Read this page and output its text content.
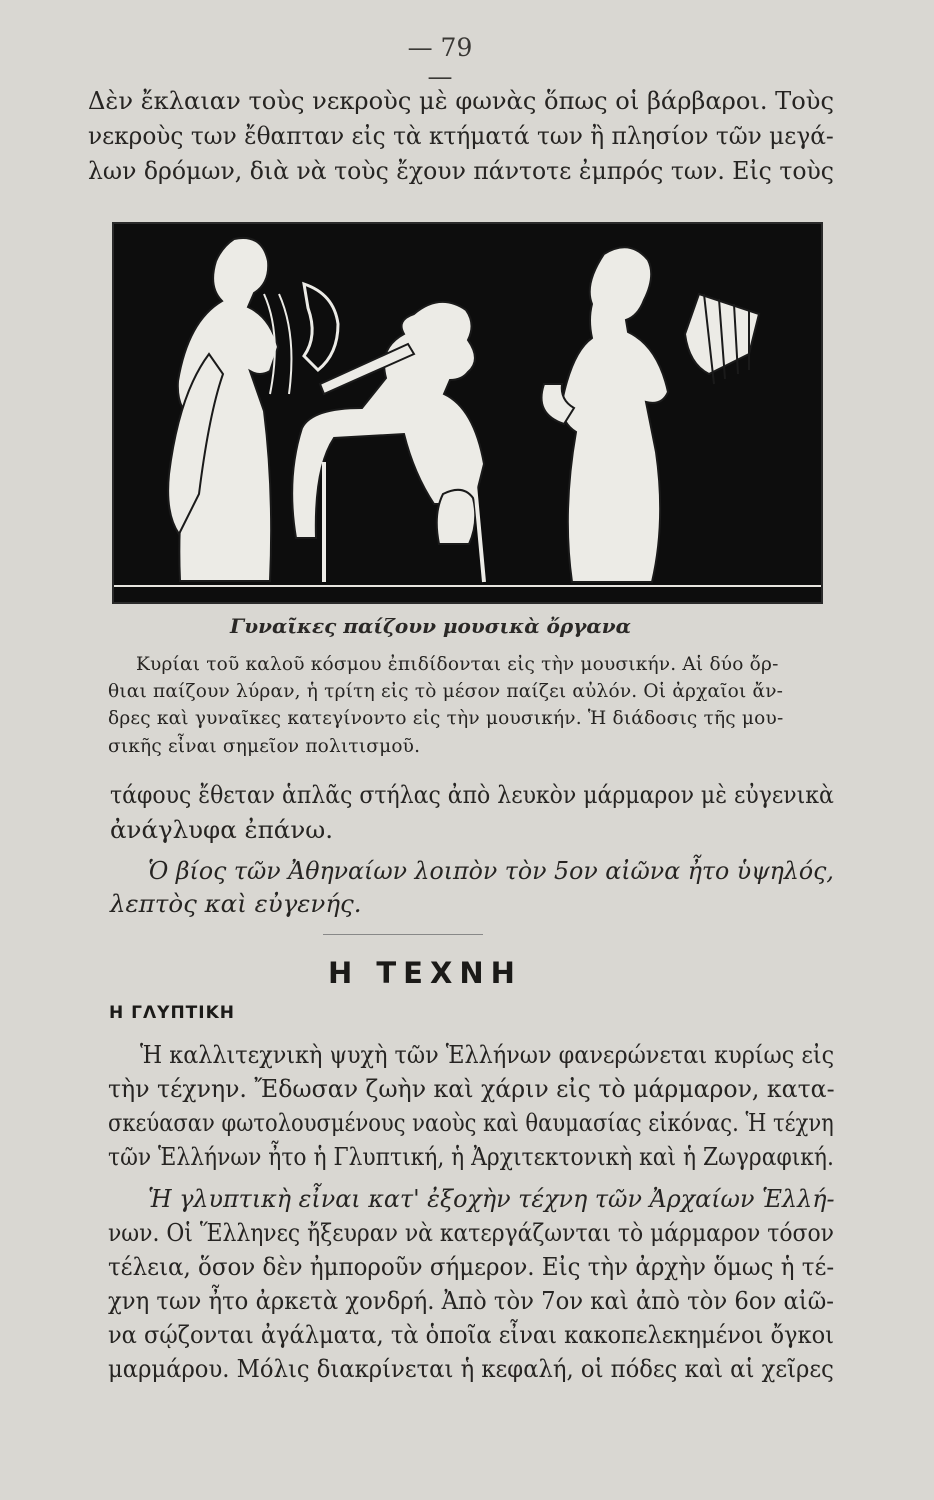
— 79 —
Δὲν ἔκλαιαν τοὺς νεκροὺς μὲ φωνὰς ὅπως οἱ βάρβαροι. Τοὺς
νεκροὺς των ἔθαπταν εἰς τὰ κτήματά των ἢ πλησίον τῶν μεγά-
λων δρόμων, διὰ νὰ τοὺς ἔχουν πάντοτε ἐμπρός των. Εἰς τοὺς
Γυναῖκες παίζουν μουσικὰ ὄργανα
Κυρίαι τοῦ καλοῦ κόσμου ἐπιδίδονται εἰς τὴν μουσικήν. Αἱ δύο ὄρ-
θιαι παίζουν λύραν, ἡ τρίτη εἰς τὸ μέσον παίζει αὐλόν. Οἱ ἀρχαῖοι ἄν-
δρες καὶ γυναῖκες κατεγίνοντο εἰς τὴν μουσικήν. Ἡ διάδοσις τῆς μου-
σικῆς εἶναι σημεῖον πολιτισμοῦ.
τάφους ἔθεταν ἁπλᾶς στήλας ἀπὸ λευκὸν μάρμαρον μὲ εὐγενικὰ
ἀνάγλυφα ἐπάνω.
Ὁ βίος τῶν Ἀθηναίων λοιπὸν τὸν 5ον αἰῶνα ἦτο ὑψηλός,
λεπτὸς καὶ εὐγενής.
Η ΤΕΧΝΗ
Η ΓΛΥΠΤΙΚΗ
Ἡ καλλιτεχνικὴ ψυχὴ τῶν Ἑλλήνων φανερώνεται κυρίως εἰς
τὴν τέχνην. Ἔδωσαν ζωὴν καὶ χάριν εἰς τὸ μάρμαρον, κατα-
σκεύασαν φωτολουσμένους ναοὺς καὶ θαυμασίας εἰκόνας. Ἡ τέχνη
τῶν Ἑλλήνων ἦτο ἡ Γλυπτική, ἡ Ἀρχιτεκτονικὴ καὶ ἡ Ζωγραφική.
Ἡ γλυπτικὴ εἶναι κατ' ἐξοχὴν τέχνη τῶν Ἀρχαίων Ἑλλή-
νων. Οἱ Ἕλληνες ἤξευραν νὰ κατεργάζωνται τὸ μάρμαρον τόσον
τέλεια, ὅσον δὲν ἠμποροῦν σήμερον. Εἰς τὴν ἀρχὴν ὅμως ἡ τέ-
χνη των ἦτο ἀρκετὰ χονδρή. Ἀπὸ τὸν 7ον καὶ ἀπὸ τὸν 6ον αἰῶ-
να σῴζονται ἀγάλματα, τὰ ὁποῖα εἶναι κακοπελεκημένοι ὄγκοι
μαρμάρου. Μόλις διακρίνεται ἡ κεφαλή, οἱ πόδες καὶ αἱ χεῖρες
